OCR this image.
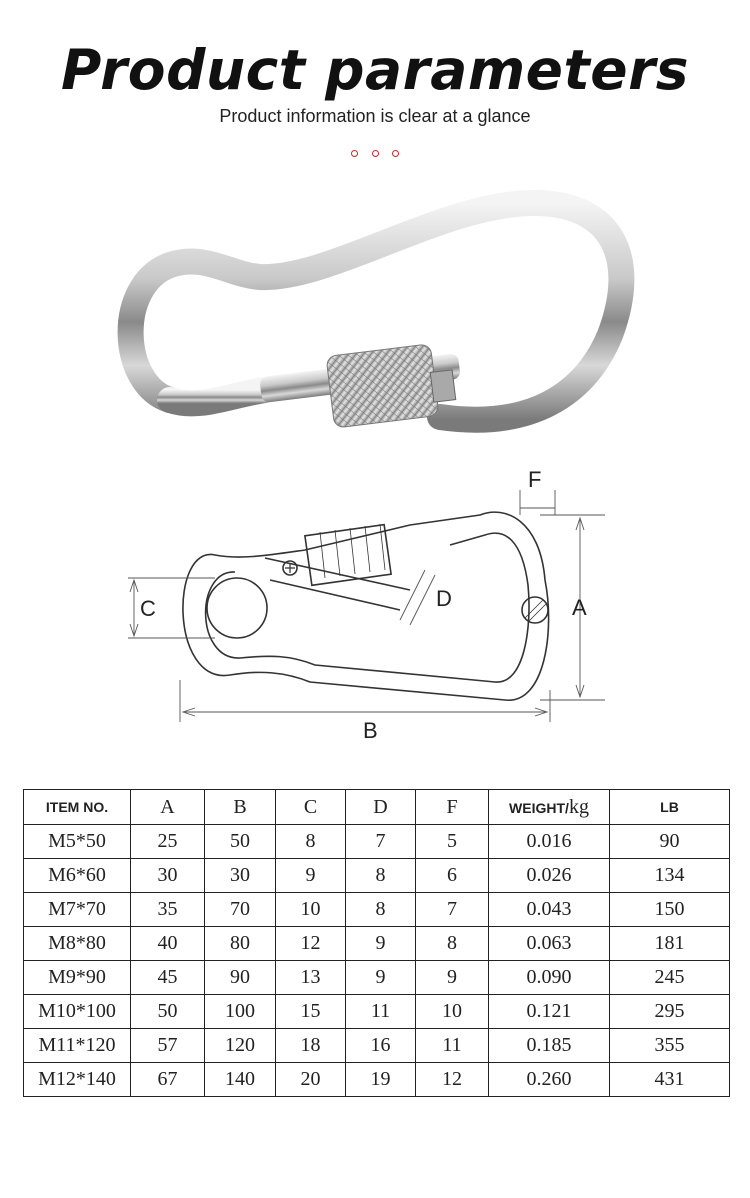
Product parameters
Product information is clear at a glance
A
B
C	D
F
ITEM NO.	A	B	C	D	F	WEIGHT/kg	LB
M5*50	25	50	8	7	5	0.016	90
M6*60	30	30	9	8	6	0.026	134
M7*70	35	70	10	8	7	0.043	150
M8*80	40	80	12	9	8	0.063	181
M9*90	45	90	13	9	9	0.090	245
M10*100	50	100	15	11	10	0.121	295
M11*120	57	120	18	16	11	0.185	355
M12*140	67	140	20	19	12	0.260	431
